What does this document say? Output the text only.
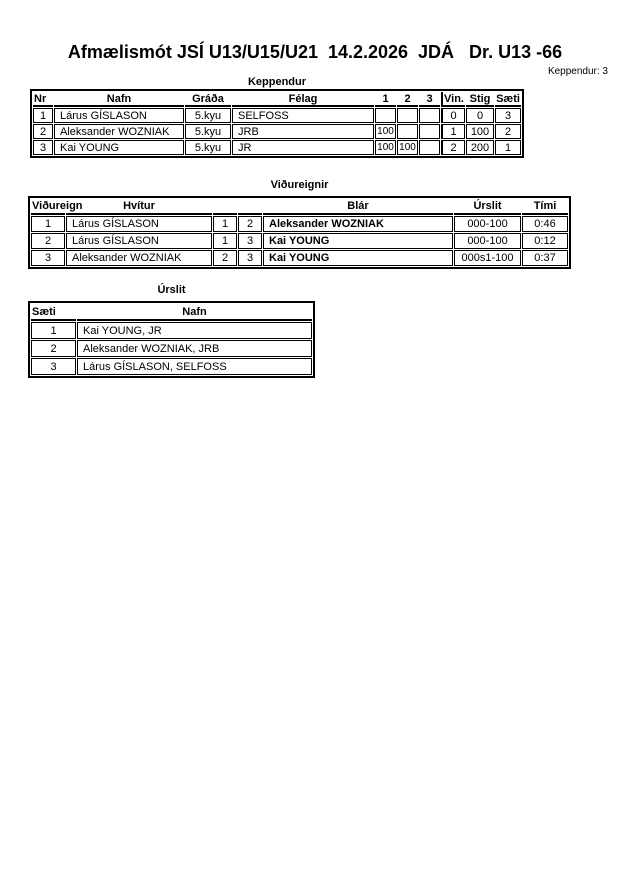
Afmælismót JSÍ U13/U15/U21  14.2.2026  JDÁ   Dr. U13 -66
Keppendur: 3
Keppendur
Nr	Nafn	Gráða	Félag	1	2	3	Vin.	Stig	Sæti
1	Lárus GÍSLASON	5.kyu	SELFOSS				0	0	3
2	Aleksander WOZNIAK	5.kyu	JRB	100			1	100	2
3	Kai YOUNG	5.kyu	JR	100	100		2	200	1
Viðureignir
Viðureign	Hvítur			Blár	Úrslit	Tími
1	Lárus GÍSLASON	1	2	Aleksander WOZNIAK	000-100	0:46
2	Lárus GÍSLASON	1	3	Kai YOUNG	000-100	0:12
3	Aleksander WOZNIAK	2	3	Kai YOUNG	000s1-100	0:37
Úrslit
Sæti	Nafn
1	Kai YOUNG, JR
2	Aleksander WOZNIAK, JRB
3	Lárus GÍSLASON, SELFOSS
